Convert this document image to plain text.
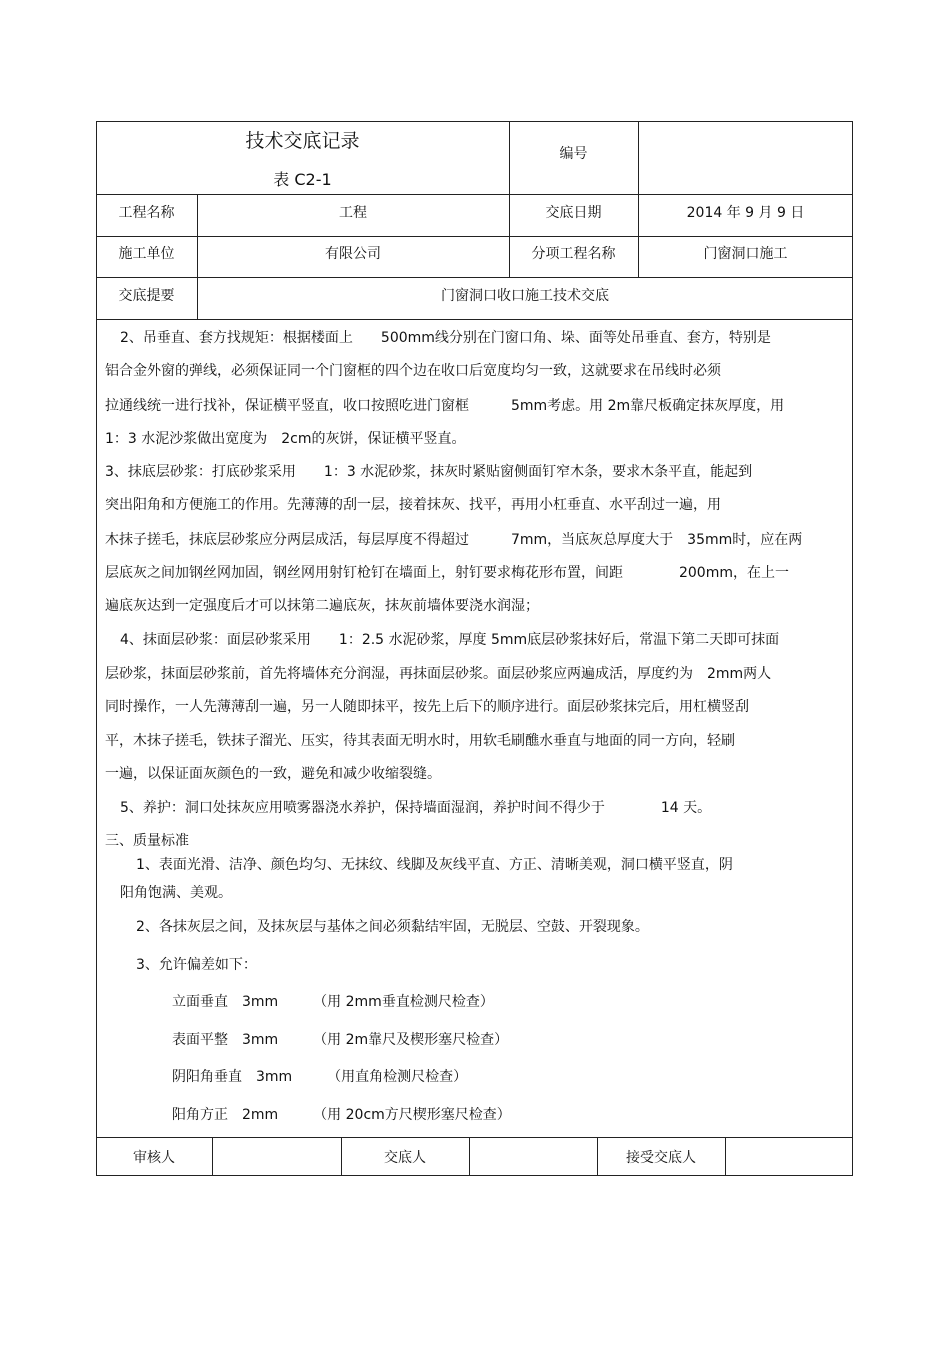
技术交底记录
表 C2-1
编号
工程名称	工程	交底日期	2014 年 9 月 9 日
施工单位	有限公司	分项工程名称	门窗洞口施工
交底提要	门窗洞口收口施工技术交底
2、吊垂直、套方找规矩：根据楼面上　　500mm线分别在门窗口角、垛、面等处吊垂直、套方，特别是
铝合金外窗的弹线，必须保证同一个门窗框的四个边在收口后宽度均匀一致，这就要求在吊线时必须
拉通线统一进行找补，保证横平竖直，收口按照吃进门窗框　　　5mm考虑。用 2m靠尺板确定抹灰厚度，用
1：3 水泥沙浆做出宽度为　2cm的灰饼，保证横平竖直。
3、抹底层砂浆：打底砂浆采用　　1：3 水泥砂浆，抹灰时紧贴窗侧面钉窄木条，要求木条平直，能起到
突出阳角和方便施工的作用。先薄薄的刮一层，接着抹灰、找平，再用小杠垂直、水平刮过一遍，用
木抹子搓毛，抹底层砂浆应分两层成活，每层厚度不得超过　　　7mm，当底灰总厚度大于　35mm时，应在两
层底灰之间加钢丝网加固，钢丝网用射钉枪钉在墙面上，射钉要求梅花形布置，间距　　　　200mm，在上一
遍底灰达到一定强度后才可以抹第二遍底灰，抹灰前墙体要浇水润湿；
4、抹面层砂浆：面层砂浆采用　　1：2.5 水泥砂浆，厚度 5mm底层砂浆抹好后，常温下第二天即可抹面
层砂浆，抹面层砂浆前，首先将墙体充分润湿，再抹面层砂浆。面层砂浆应两遍成活，厚度约为　2mm两人
同时操作，一人先薄薄刮一遍，另一人随即抹平，按先上后下的顺序进行。面层砂浆抹完后，用杠横竖刮
平，木抹子搓毛，铁抹子溜光、压实，待其表面无明水时，用软毛刷醮水垂直与地面的同一方向，轻刷
一遍，以保证面灰颜色的一致，避免和减少收缩裂缝。
5、养护：洞口处抹灰应用喷雾器浇水养护，保持墙面湿润，养护时间不得少于　　　　14 天。
三、质量标准
1、表面光滑、洁净、颜色均匀、无抹纹、线脚及灰线平直、方正、清晰美观，洞口横平竖直，阴
阳角饱满、美观。
2、各抹灰层之间，及抹灰层与基体之间必须黏结牢固，无脱层、空鼓、开裂现象。
3、允许偏差如下：
立面垂直　3mm　　　（用 2mm垂直检测尺检查）
表面平整　3mm　　　（用 2m靠尺及楔形塞尺检查）
阴阳角垂直　3mm　　　（用直角检测尺检查）
阳角方正　2mm　　　（用 20cm方尺楔形塞尺检查）
审核人	交底人	接受交底人
